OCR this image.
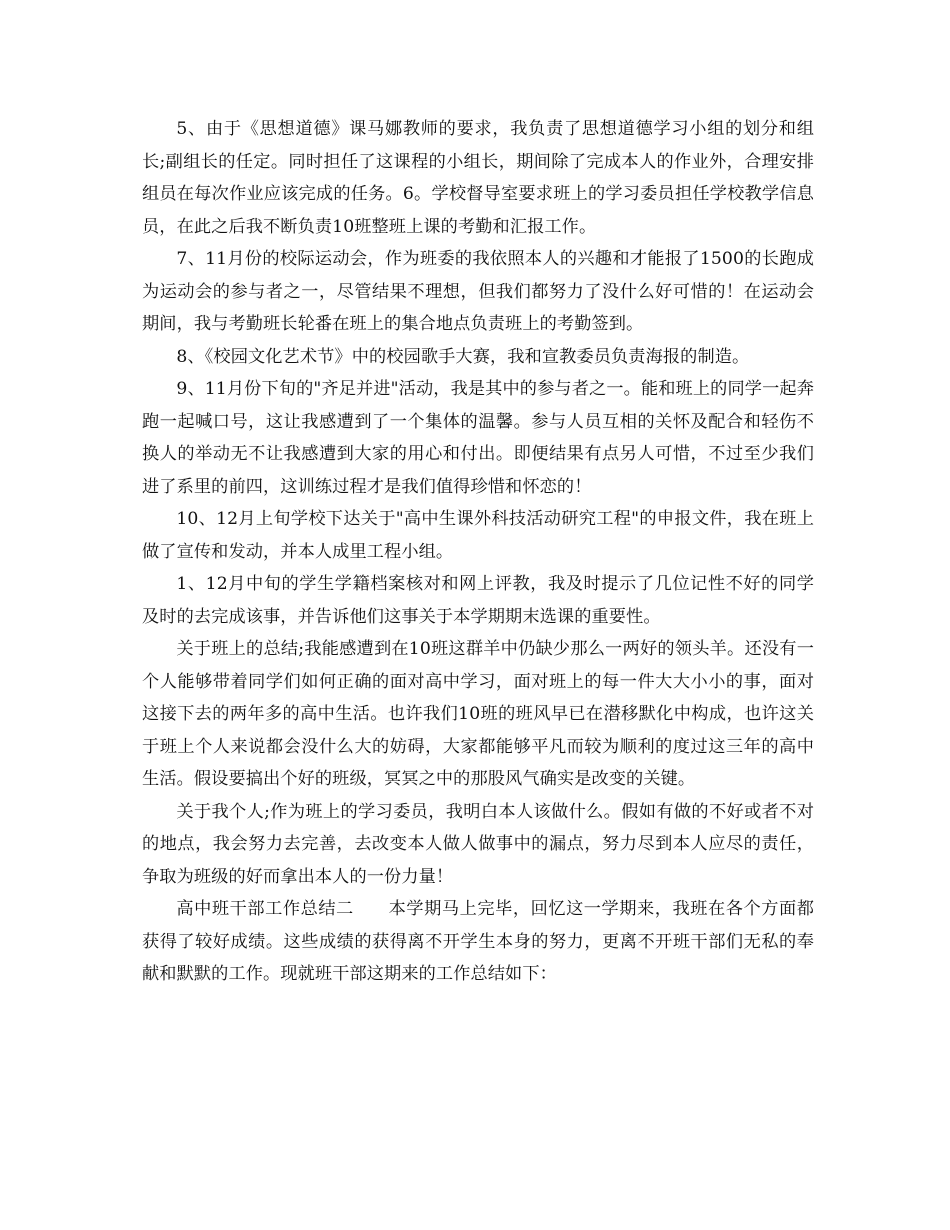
5、由于《思想道德》课马娜教师的要求，我负责了思想道德学习小组的划分和组长;副组长的任定。同时担任了这课程的小组长，期间除了完成本人的作业外，合理安排组员在每次作业应该完成的任务。6。学校督导室要求班上的学习委员担任学校教学信息员，在此之后我不断负责10班整班上课的考勤和汇报工作。

7、11月份的校际运动会，作为班委的我依照本人的兴趣和才能报了1500的长跑成为运动会的参与者之一，尽管结果不理想，但我们都努力了没什么好可惜的！在运动会期间，我与考勤班长轮番在班上的集合地点负责班上的考勤签到。

8、《校园文化艺术节》中的校园歌手大赛，我和宣教委员负责海报的制造。

9、11月份下旬的"齐足并进"活动，我是其中的参与者之一。能和班上的同学一起奔跑一起喊口号，这让我感遭到了一个集体的温馨。参与人员互相的关怀及配合和轻伤不换人的举动无不让我感遭到大家的用心和付出。即便结果有点另人可惜，不过至少我们进了系里的前四，这训练过程才是我们值得珍惜和怀恋的！

10、12月上旬学校下达关于"高中生课外科技活动研究工程"的申报文件，我在班上做了宣传和发动，并本人成里工程小组。

1、12月中旬的学生学籍档案核对和网上评教，我及时提示了几位记性不好的同学及时的去完成该事，并告诉他们这事关于本学期期末选课的重要性。

关于班上的总结;我能感遭到在10班这群羊中仍缺少那么一两好的领头羊。还没有一个人能够带着同学们如何正确的面对高中学习，面对班上的每一件大大小小的事，面对这接下去的两年多的高中生活。也许我们10班的班风早已在潜移默化中构成，也许这关于班上个人来说都会没什么大的妨碍，大家都能够平凡而较为顺利的度过这三年的高中生活。假设要搞出个好的班级，冥冥之中的那股风气确实是改变的关键。

关于我个人;作为班上的学习委员，我明白本人该做什么。假如有做的不好或者不对的地点，我会努力去完善，去改变本人做人做事中的漏点，努力尽到本人应尽的责任，争取为班级的好而拿出本人的一份力量！

高中班干部工作总结二 本学期马上完毕，回忆这一学期来，我班在各个方面都获得了较好成绩。这些成绩的获得离不开学生本身的努力，更离不开班干部们无私的奉献和默默的工作。现就班干部这期来的工作总结如下：
